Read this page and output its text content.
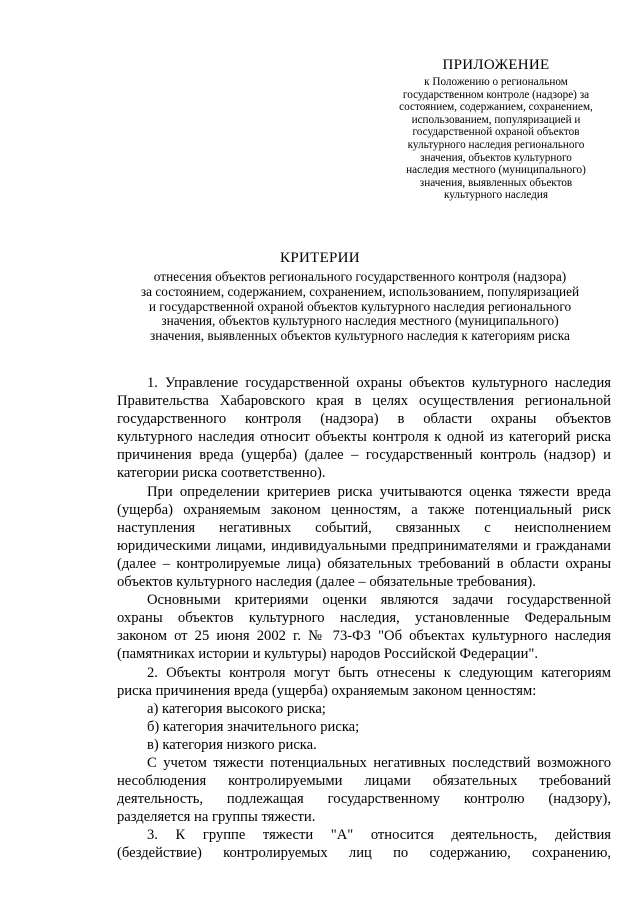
ПРИЛОЖЕНИЕ
к Положению о региональном
государственном контроле (надзоре) за
состоянием, содержанием, сохранением,
использованием, популяризацией и
государственной охраной объектов
культурного наследия регионального
значения, объектов культурного
наследия местного (муниципального)
значения, выявленных объектов
культурного наследия
КРИТЕРИИ
отнесения объектов регионального государственного контроля (надзора)
за состоянием, содержанием, сохранением, использованием, популяризацией
и государственной охраной объектов культурного наследия регионального
значения, объектов культурного наследия местного (муниципального)
значения, выявленных объектов культурного наследия к категориям риска
1. Управление государственной охраны объектов культурного наследия
Правительства Хабаровского края в целях осуществления региональной
государственного контроля (надзора) в области охраны объектов
культурного наследия относит объекты контроля к одной из категорий риска
причинения вреда (ущерба) (далее – государственный контроль (надзор) и
категории риска соответственно).
При определении критериев риска учитываются оценка тяжести вреда
(ущерба) охраняемым законом ценностям, а также потенциальный риск
наступления негативных событий, связанных с неисполнением
юридическими лицами, индивидуальными предпринимателями и гражданами
(далее – контролируемые лица) обязательных требований в области охраны
объектов культурного наследия (далее – обязательные требования).
Основными критериями оценки являются задачи государственной
охраны объектов культурного наследия, установленные Федеральным
законом от 25 июня 2002 г. № 73-ФЗ "Об объектах культурного наследия
(памятниках истории и культуры) народов Российской Федерации".
2. Объекты контроля могут быть отнесены к следующим категориям
риска причинения вреда (ущерба) охраняемым законом ценностям:
а) категория высокого риска;
б) категория значительного риска;
в) категория низкого риска.
С учетом тяжести потенциальных негативных последствий возможного
несоблюдения контролируемыми лицами обязательных требований
деятельность, подлежащая государственному контролю (надзору),
разделяется на группы тяжести.
3. К группе тяжести "А" относится деятельность, действия
(бездействие) контролируемых лиц по содержанию, сохранению,
